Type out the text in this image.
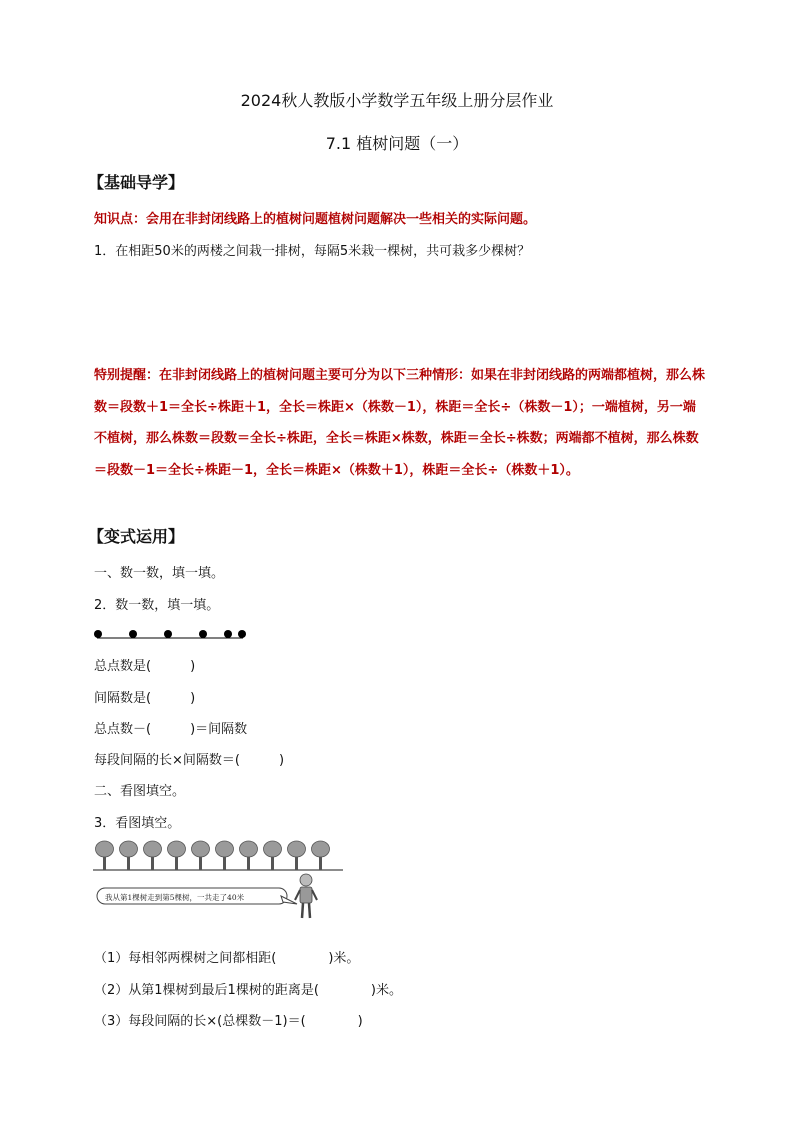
2024秋人教版小学数学五年级上册分层作业
7.1 植树问题（一）
【基础导学】
知识点：会用在非封闭线路上的植树问题植树问题解决一些相关的实际问题。
1．在相距50米的两楼之间栽一排树，每隔5米栽一棵树，共可栽多少棵树？
特别提醒：在非封闭线路上的植树问题主要可分为以下三种情形：如果在非封闭线路的两端都植树，那么株数＝段数＋1＝全长÷株距＋1，全长＝株距×（株数－1），株距＝全长÷（株数－1）；一端植树，另一端不植树，那么株数＝段数＝全长÷株距，全长＝株距×株数，株距＝全长÷株数；两端都不植树，那么株数＝段数－1＝全长÷株距－1，全长＝株距×（株数＋1），株距＝全长÷（株数＋1）。
【变式运用】
一、数一数，填一填。
2．数一数，填一填。
总点数是(　　　)
间隔数是(　　　)
总点数－(　　　)＝间隔数
每段间隔的长×间隔数＝(　　　)
二、看图填空。
3．看图填空。
我从第1棵树走到第5棵树，一共走了40米
（1）每相邻两棵树之间都相距(　　　　)米。
（2）从第1棵树到最后1棵树的距离是(　　　　)米。
（3）每段间隔的长×(总棵数－1)＝(　　　　)
